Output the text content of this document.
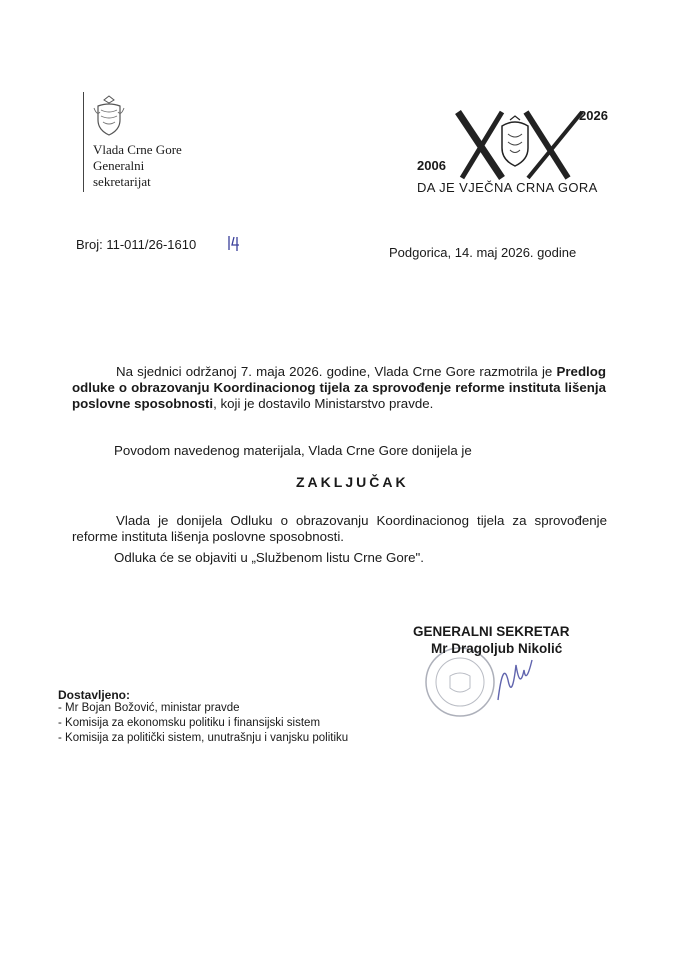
Vlada Crne Gore
Generalni
sekretarijat
2026
2006
DA JE VJEČNA CRNA GORA
Broj: 11-011/26-1610
Podgorica, 14. maj 2026. godine
Na sjednici održanoj 7. maja 2026. godine, Vlada Crne Gore razmotrila je Predlog odluke o obrazovanju Koordinacionog tijela za sprovođenje reforme instituta lišenja poslovne sposobnosti, koji je dostavilo Ministarstvo pravde.
Povodom navedenog materijala, Vlada Crne Gore donijela je
ZAKLJUČAK
Vlada je donijela Odluku o obrazovanju Koordinacionog tijela za sprovođenje reforme instituta lišenja poslovne sposobnosti.
Odluka će se objaviti u „Službenom listu Crne Gore".
GENERALNI SEKRETAR
Mr Dragoljub Nikolić
Dostavljeno:
- Mr Bojan Božović, ministar pravde
- Komisija za ekonomsku politiku i finansijski sistem
- Komisija za politički sistem, unutrašnju i vanjsku politiku
